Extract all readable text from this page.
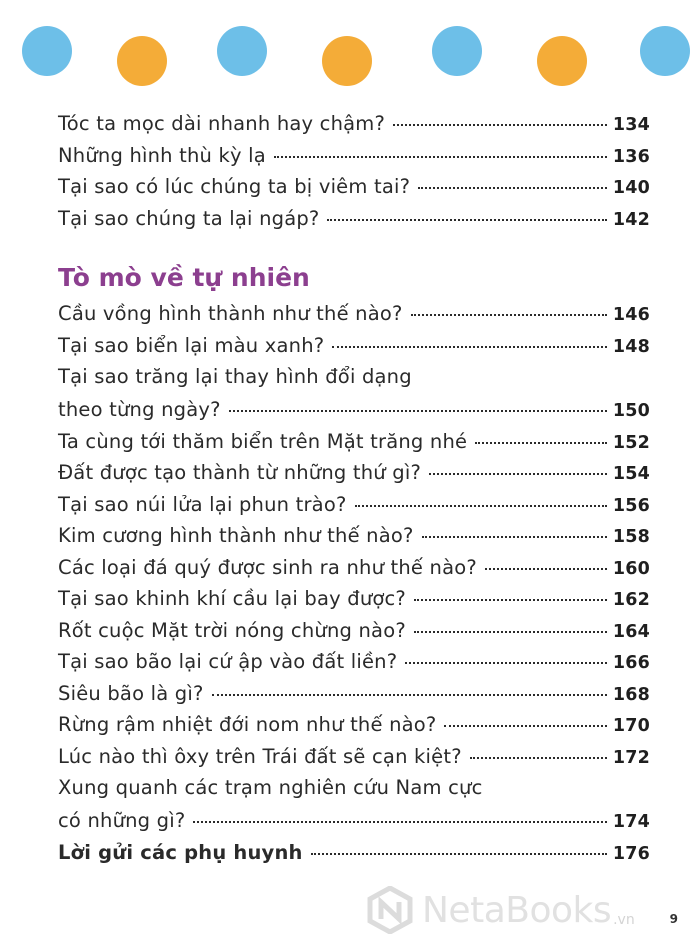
Tóc ta mọc dài nhanh hay chậm?	134
Những hình thù kỳ lạ	136
Tại sao có lúc chúng ta bị viêm tai?	140
Tại sao chúng ta lại ngáp?	142
Tò mò về tự nhiên
Cầu vồng hình thành như thế nào?	146
Tại sao biển lại màu xanh?	148
Tại sao trăng lại thay hình đổi dạng
theo từng ngày?	150
Ta cùng tới thăm biển trên Mặt trăng nhé	152
Đất được tạo thành từ những thứ gì?	154
Tại sao núi lửa lại phun trào?	156
Kim cương hình thành như thế nào?	158
Các loại đá quý được sinh ra như thế nào?	160
Tại sao khinh khí cầu lại bay được?	162
Rốt cuộc Mặt trời nóng chừng nào?	164
Tại sao bão lại cứ ập vào đất liền?	166
Siêu bão là gì?	168
Rừng rậm nhiệt đới nom như thế nào?	170
Lúc nào thì ôxy trên Trái đất sẽ cạn kiệt?	172
Xung quanh các trạm nghiên cứu Nam cực
có những gì?	174
Lời gửi các phụ huynh	176
NetaBooks .vn	9
